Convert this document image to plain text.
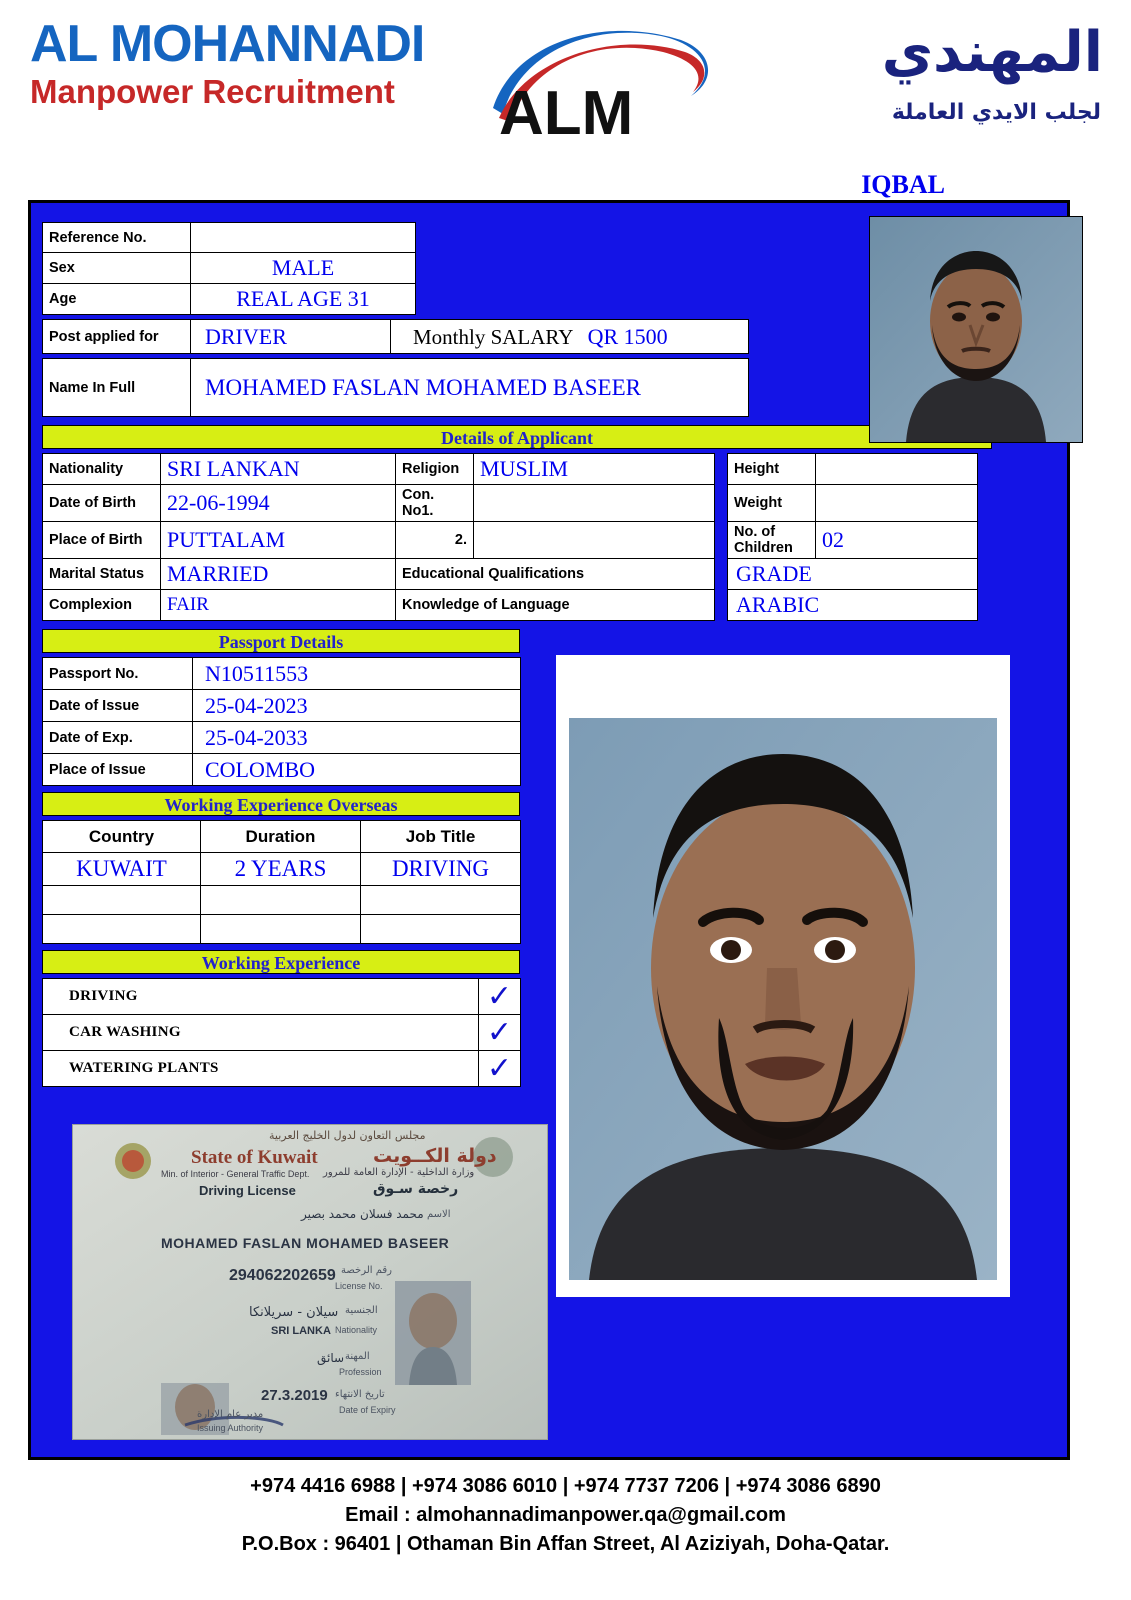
AL MOHANNADI
Manpower Recruitment	ALM
المهندي
لجلب الايدي العاملة
IQBAL
Reference No.	
Sex	MALE
Age	REAL AGE 31
Post applied for	DRIVER	Monthly SALARY QR 1500
Name In Full	MOHAMED FASLAN MOHAMED BASEER
Details of Applicant
Nationality	SRI LANKAN	Religion	MUSLIM		Height	
Date of Birth	22-06-1994	Con. No1.			Weight	
Place of Birth	PUTTALAM	2.			No. of Children	02
Marital Status	MARRIED	Educational Qualifications			GRADE	
Complexion	FAIR	Knowledge of Language			ARABIC	
Passport Details
Passport No.	N10511553
Date of Issue	25-04-2023
Date of Exp.	25-04-2033
Place of Issue	COLOMBO
Working Experience Overseas
Country	Duration	Job Title
KUWAIT	2 YEARS	DRIVING

Working Experience
DRIVING	✓
CAR WASHING	✓
WATERING PLANTS	✓
مجلس التعاون لدول الخليج العربية
State of Kuwait	دولة الكــويت
Min. of Interior - General Traffic Dept. وزارة الداخلية - الإدارة العامة للمرور
Driving License	رخصة سـوق
محمد فسلان محمد بصير الاسم
MOHAMED FASLAN MOHAMED BASEER
294062202659 رقم الرخصة
License No.
سيلان - سريلانكا الجنسية
SRI LANKA Nationality
سائق المهنة
Profession
27.3.2019 تاريخ الانتهاء
Date of Expiry
مدير عام الإدارة
Issuing Authority
+974 4416 6988 | +974 3086 6010 | +974 7737 7206 | +974 3086 6890
Email : almohannadimanpower.qa@gmail.com
P.O.Box : 96401 | Othaman Bin Affan Street, Al Aziziyah, Doha-Qatar.
